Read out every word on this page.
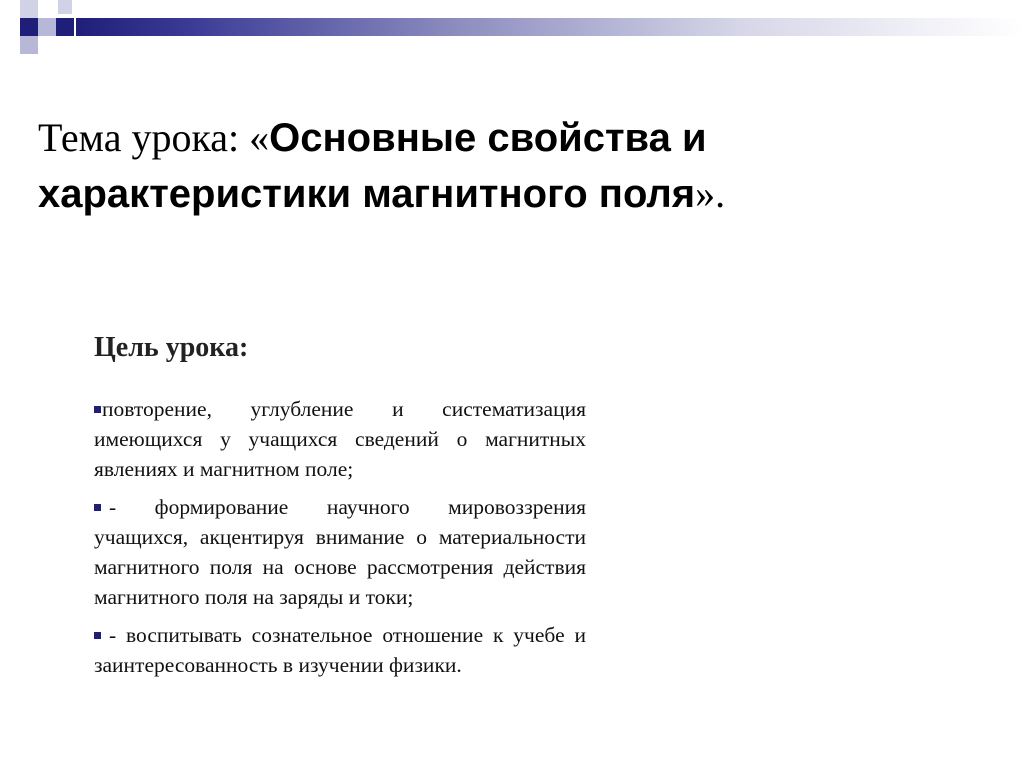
Тема урока: «Основные свойства и характеристики магнитного поля».
Цель урока:
повторение, углубление и систематизация имеющихся у учащихся сведений о магнитных явлениях и магнитном поле;
- формирование научного мировоззрения учащихся, акцентируя внимание о материальности магнитного поля на основе рассмотрения действия магнитного поля на заряды и токи;
- воспитывать сознательное отношение к учебе и заинтересованность в изучении физики.
